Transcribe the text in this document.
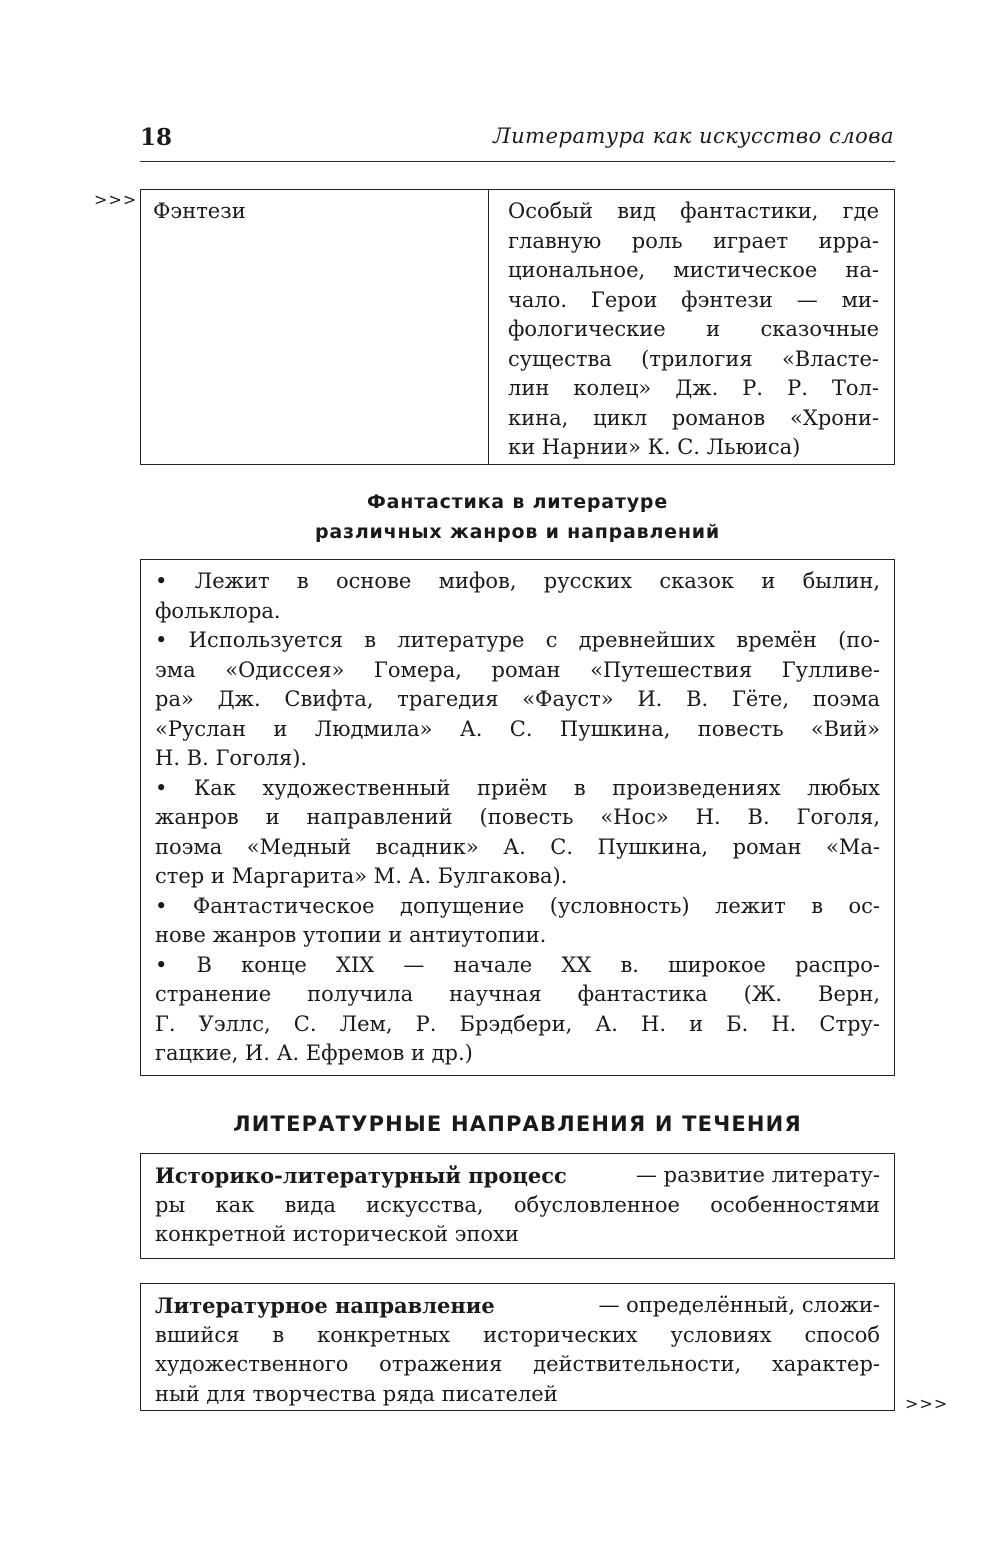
18	Литература как искусство слова
>>> Фэнтези	Особый вид фантастики, где
главную роль играет ирра-
циональное, мистическое на-
чало. Герои фэнтези — ми-
фологические и сказочные
существа (трилогия «Власте-
лин колец» Дж. Р. Р. Тол-
кина, цикл романов «Хрони-
ки Нарнии» К. С. Льюиса)
Фантастика в литературе
различных жанров и направлений
• Лежит в основе мифов, русских сказок и былин,
фольклора.
• Используется в литературе с древнейших времён (по-
эма «Одиссея» Гомера, роман «Путешествия Гулливе-
ра» Дж. Свифта, трагедия «Фауст» И. В. Гёте, поэма
«Руслан и Людмила» А. С. Пушкина, повесть «Вий»
Н. В. Гоголя).
• Как художественный приём в произведениях любых
жанров и направлений (повесть «Нос» Н. В. Гоголя,
поэма «Медный всадник» А. С. Пушкина, роман «Ма-
стер и Маргарита» М. А. Булгакова).
• Фантастическое допущение (условность) лежит в ос-
нове жанров утопии и антиутопии.
• В конце XIX — начале XX в. широкое распро-
странение получила научная фантастика (Ж. Верн,
Г. Уэллс, С. Лем, Р. Брэдбери, А. Н. и Б. Н. Стру-
гацкие, И. А. Ефремов и др.)
ЛИТЕРАТУРНЫЕ НАПРАВЛЕНИЯ И ТЕЧЕНИЯ
Историко-литературный процесс	— развитие литерату-
ры как вида искусства, обусловленное особенностями
конкретной исторической эпохи
Литературное направление	— определённый, сложи-
вшийся в конкретных исторических условиях способ
художественного отражения действительности, характер-
ный для творчества ряда писателей	>>>
